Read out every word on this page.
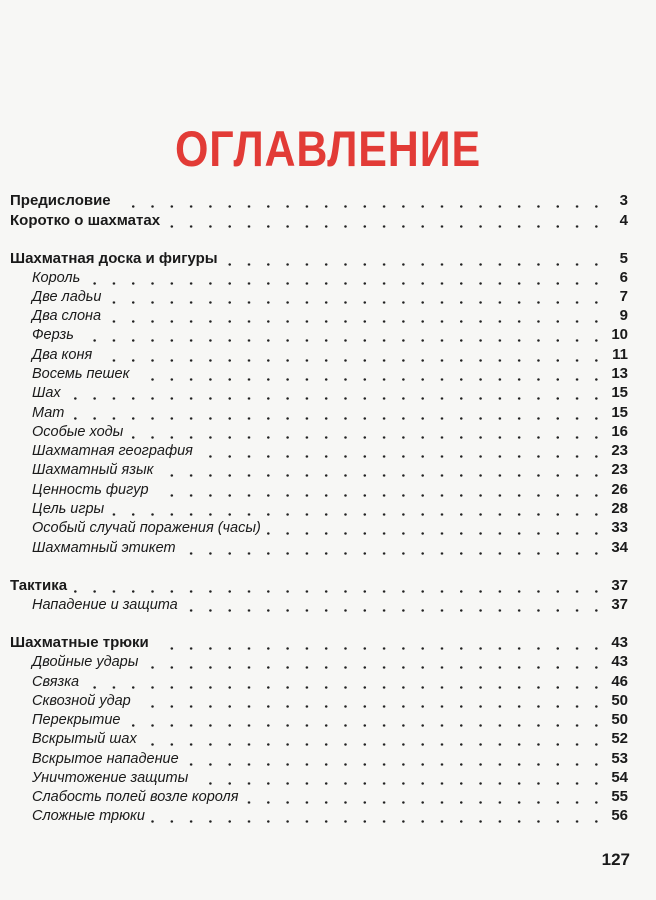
ОГЛАВЛЕНИЕ
Предисловие	3
Коротко о шахматах	4
Шахматная доска и фигуры	5
Король	6
Две ладьи	7
Два слона	9
Ферзь	10
Два коня	11
Восемь пешек	13
Шах	15
Мат	15
Особые ходы	16
Шахматная география	23
Шахматный язык	23
Ценность фигур	26
Цель игры	28
Особый случай поражения (часы)	33
Шахматный этикет	34
Тактика	37
Нападение и защита	37
Шахматные трюки	43
Двойные удары	43
Связка	46
Сквозной удар	50
Перекрытие	50
Вскрытый шах	52
Вскрытое нападение	53
Уничтожение защиты	54
Слабость полей возле короля	55
Сложные трюки	56
127
